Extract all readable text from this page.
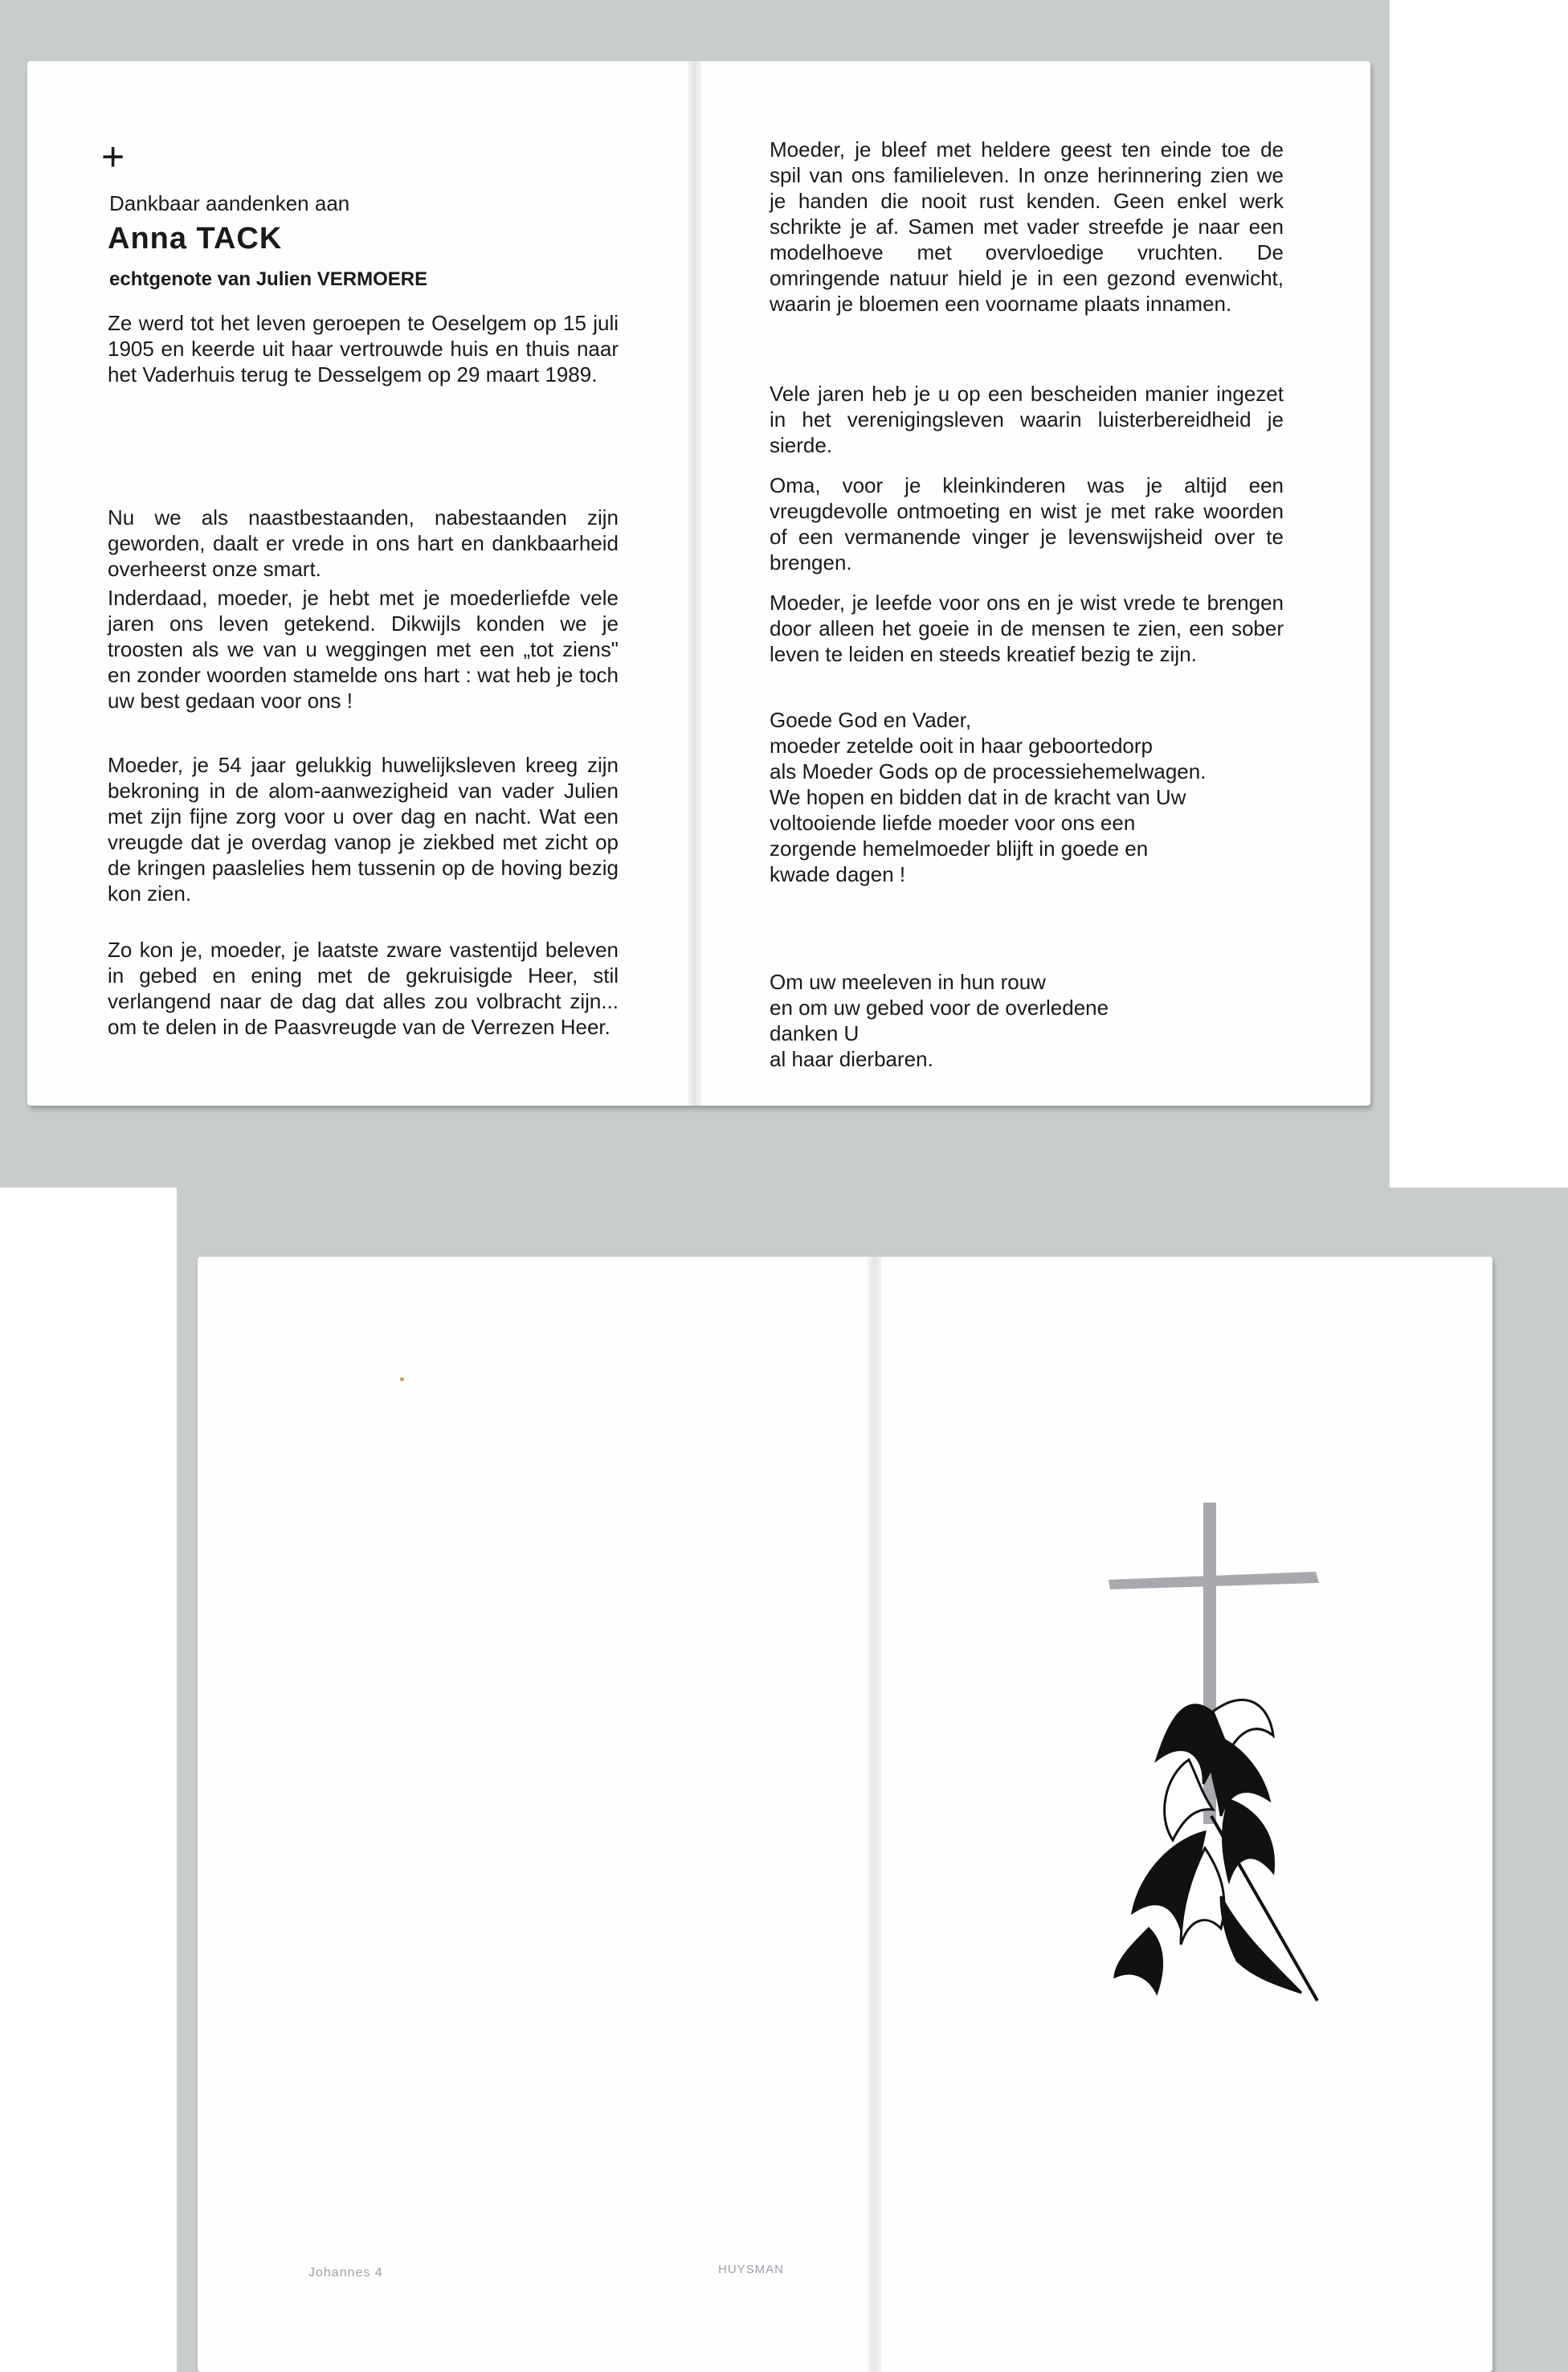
+
Dankbaar aandenken aan
Anna TACK
echtgenote van Julien VERMOERE

Ze werd tot het leven geroepen te Oeselgem op 15 juli 1905 en keerde uit haar vertrouwde huis en thuis naar het Vaderhuis terug te Desselgem op 29 maart 1989.

Nu we als naastbestaanden, nabestaanden zijn geworden, daalt er vrede in ons hart en dankbaarheid overheerst onze smart.

Inderdaad, moeder, je hebt met je moederliefde vele jaren ons leven getekend. Dikwijls konden we je troosten als we van u weggingen met een „tot ziens" en zonder woorden stamelde ons hart : wat heb je toch uw best gedaan voor ons !

Moeder, je 54 jaar gelukkig huwelijksleven kreeg zijn bekroning in de alom-aanwezigheid van vader Julien met zijn fijne zorg voor u over dag en nacht. Wat een vreugde dat je overdag vanop je ziekbed met zicht op de kringen paaslelies hem tussenin op de hoving bezig kon zien.

Zo kon je, moeder, je laatste zware vastentijd beleven in gebed en ening met de gekruisigde Heer, stil verlangend naar de dag dat alles zou volbracht zijn... om te delen in de Paasvreugde van de Verrezen Heer.

Moeder, je bleef met heldere geest ten einde toe de spil van ons familieleven. In onze herinnering zien we je handen die nooit rust kenden. Geen enkel werk schrikte je af. Samen met vader streefde je naar een modelhoeve met overvloedige vruchten. De omringende natuur hield je in een gezond evenwicht, waarin je bloemen een voorname plaats innamen.

Vele jaren heb je u op een bescheiden manier ingezet in het verenigingsleven waarin luisterbereidheid je sierde.

Oma, voor je kleinkinderen was je altijd een vreugdevolle ontmoeting en wist je met rake woorden of een vermanende vinger je levenswijsheid over te brengen.

Moeder, je leefde voor ons en je wist vrede te brengen door alleen het goeie in de mensen te zien, een sober leven te leiden en steeds kreatief bezig te zijn.

Goede God en Vader,
moeder zetelde ooit in haar geboortedorp
als Moeder Gods op de processiehemelwagen.
We hopen en bidden dat in de kracht van Uw
voltooiende liefde moeder voor ons een
zorgende hemelmoeder blijft in goede en
kwade dagen !
Om uw meeleven in hun rouw
en om uw gebed voor de overledene
danken U
al haar dierbaren.
Johannes 4	HUYSMAN
